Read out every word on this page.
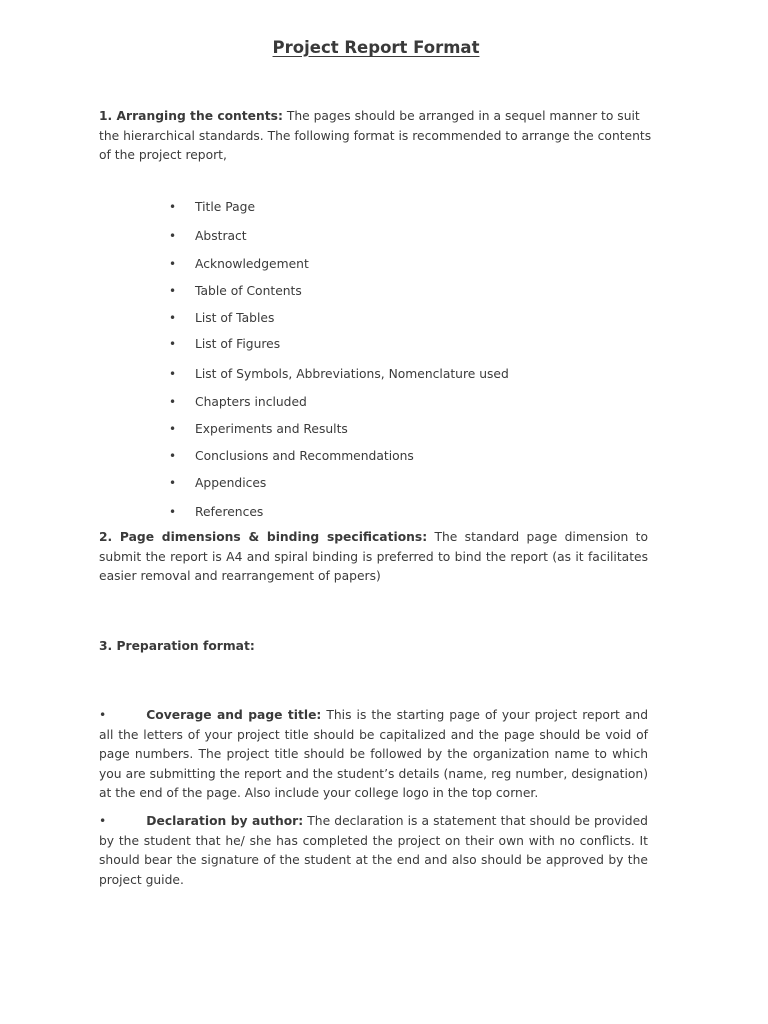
Project Report Format

1. Arranging the contents: The pages should be arranged in a sequel manner to suit the hierarchical standards. The following format is recommended to arrange the contents of the project report,

• Title Page
• Abstract
• Acknowledgement
• Table of Contents
• List of Tables
• List of Figures
• List of Symbols, Abbreviations, Nomenclature used
• Chapters included
• Experiments and Results
• Conclusions and Recommendations
• Appendices
• References

2. Page dimensions & binding specifications: The standard page dimension to submit the report is A4 and spiral binding is preferred to bind the report (as it facilitates easier removal and rearrangement of papers)

3. Preparation format:

•	Coverage and page title: This is the starting page of your project report and all the letters of your project title should be capitalized and the page should be void of page numbers. The project title should be followed by the organization name to which you are submitting the report and the student’s details (name, reg number, designation) at the end of the page. Also include your college logo in the top corner.

•	Declaration by author: The declaration is a statement that should be provided by the student that he/ she has completed the project on their own with no conflicts. It should bear the signature of the student at the end and also should be approved by the project guide.
